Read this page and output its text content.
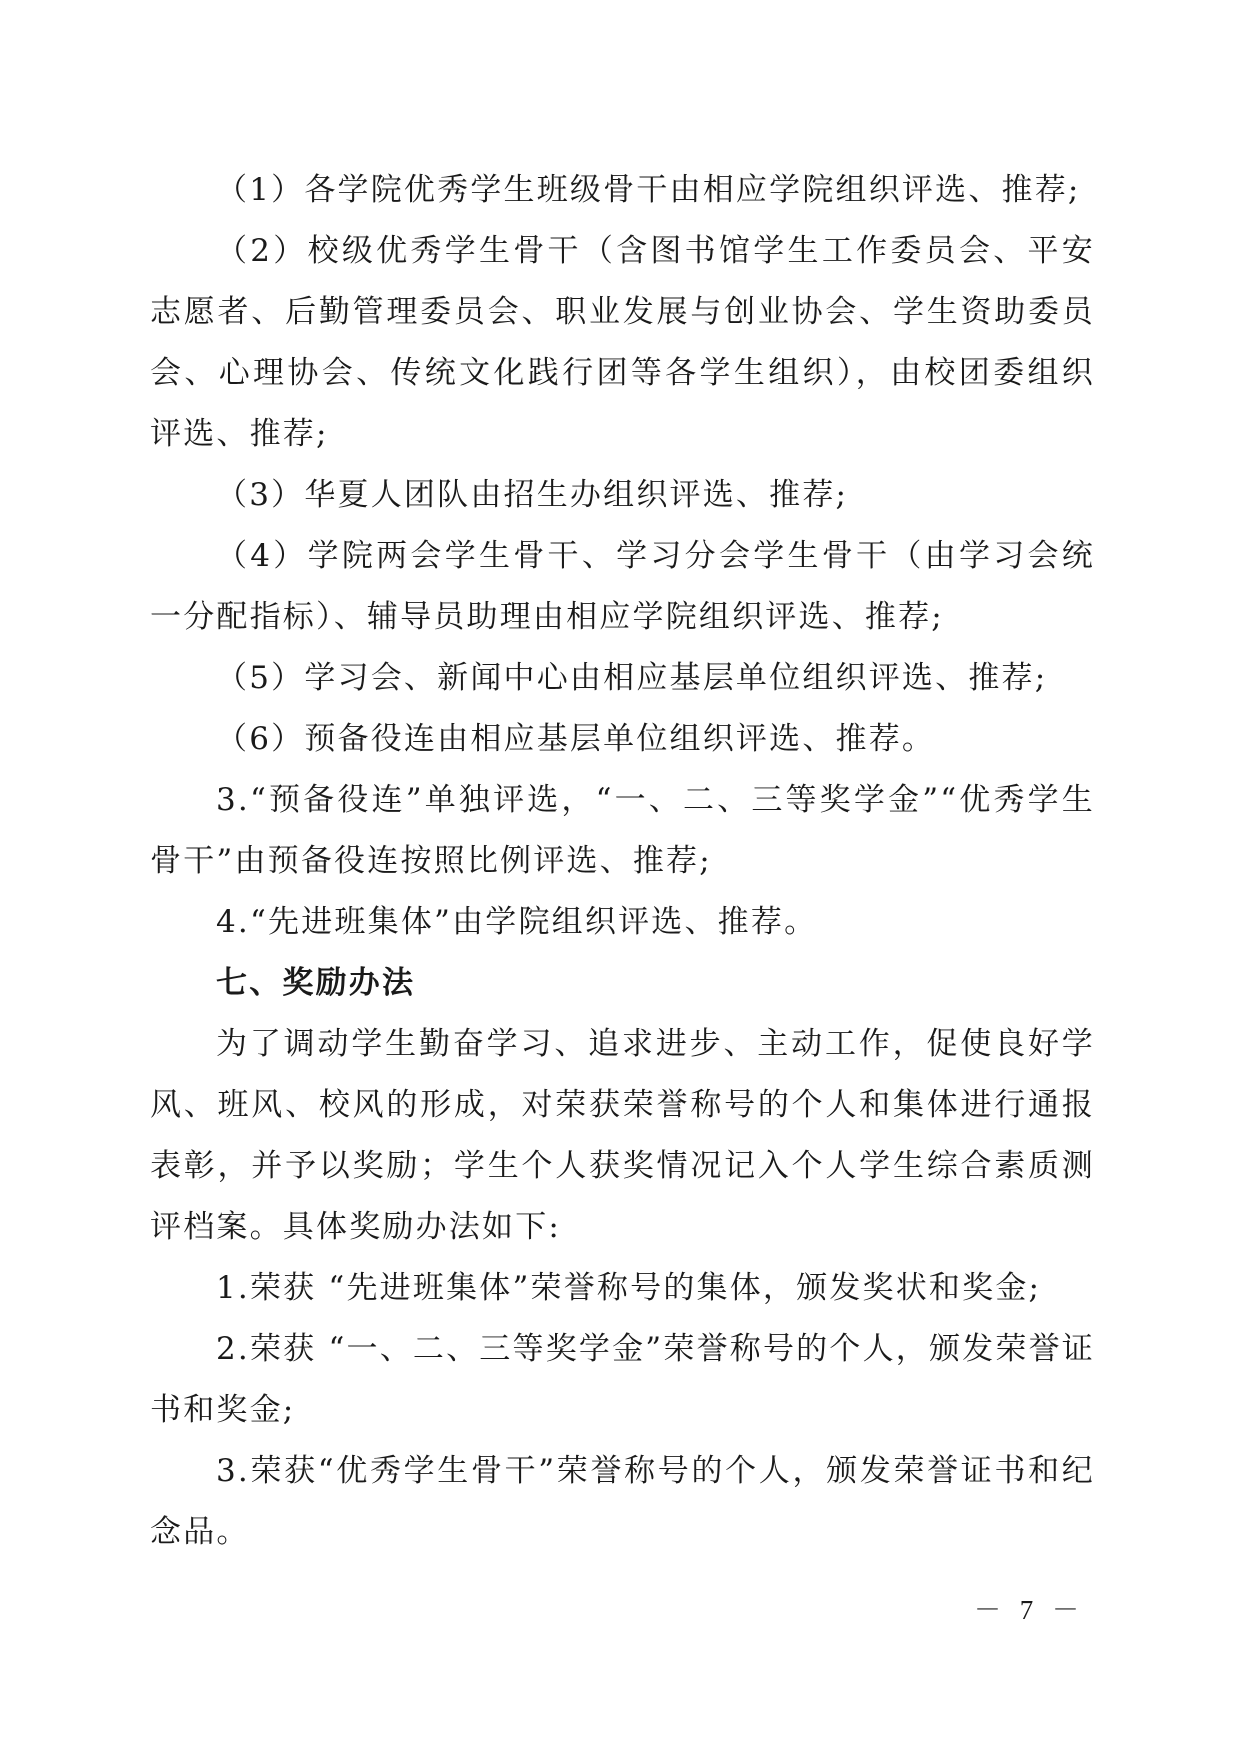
（1）各学院优秀学生班级骨干由相应学院组织评选、推荐;

（2）校级优秀学生骨干（含图书馆学生工作委员会、平安志愿者、后勤管理委员会、职业发展与创业协会、学生资助委员会、心理协会、传统文化践行团等各学生组织），由校团委组织评选、推荐;

（3）华夏人团队由招生办组织评选、推荐;

（4）学院两会学生骨干、学习分会学生骨干（由学习会统一分配指标）、辅导员助理由相应学院组织评选、推荐;

（5）学习会、新闻中心由相应基层单位组织评选、推荐;

（6）预备役连由相应基层单位组织评选、推荐。

3.“预备役连”单独评选，“一、二、三等奖学金”“优秀学生骨干”由预备役连按照比例评选、推荐;

4.“先进班集体”由学院组织评选、推荐。

七、奖励办法

为了调动学生勤奋学习、追求进步、主动工作，促使良好学风、班风、校风的形成，对荣获荣誉称号的个人和集体进行通报表彰，并予以奖励；学生个人获奖情况记入个人学生综合素质测评档案。具体奖励办法如下:

1.荣获 “先进班集体”荣誉称号的集体，颁发奖状和奖金;

2.荣获 “一、二、三等奖学金”荣誉称号的个人，颁发荣誉证书和奖金;

3.荣获“优秀学生骨干”荣誉称号的个人，颁发荣誉证书和纪念品。

－ 7 －
